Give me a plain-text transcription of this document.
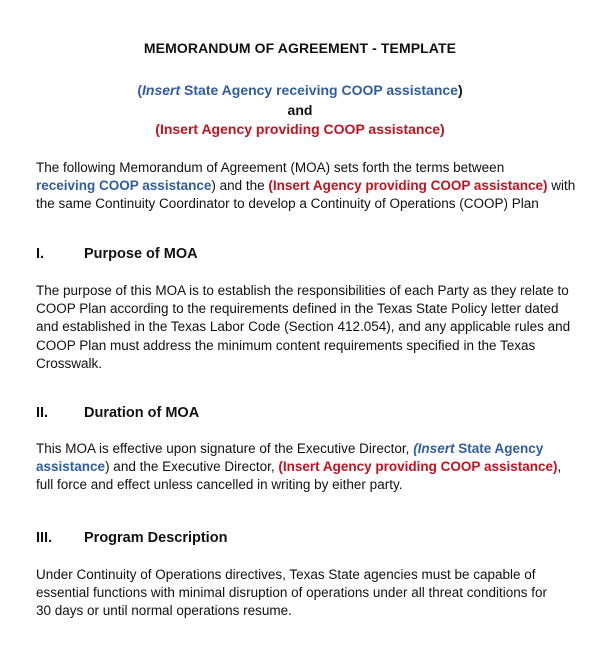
MEMORANDUM OF AGREEMENT - TEMPLATE
(Insert State Agency receiving COOP assistance)
and
(Insert Agency providing COOP assistance)
The following Memorandum of Agreement (MOA) sets forth the terms between
receiving COOP assistance) and the (Insert Agency providing COOP assistance) with
the same Continuity Coordinator to develop a Continuity of Operations (COOP) Plan
I.	Purpose of MOA
The purpose of this MOA is to establish the responsibilities of each Party as they relate to
COOP Plan according to the requirements defined in the Texas State Policy letter dated
and established in the Texas Labor Code (Section 412.054), and any applicable rules and
COOP Plan must address the minimum content requirements specified in the Texas
Crosswalk.
II. Duration of MOA
This MOA is effective upon signature of the Executive Director, (Insert State Agency
assistance) and the Executive Director, (Insert Agency providing COOP assistance),
full force and effect unless cancelled in writing by either party.
III. Program Description
Under Continuity of Operations directives, Texas State agencies must be capable of
essential functions with minimal disruption of operations under all threat conditions for
30 days or until normal operations resume.
